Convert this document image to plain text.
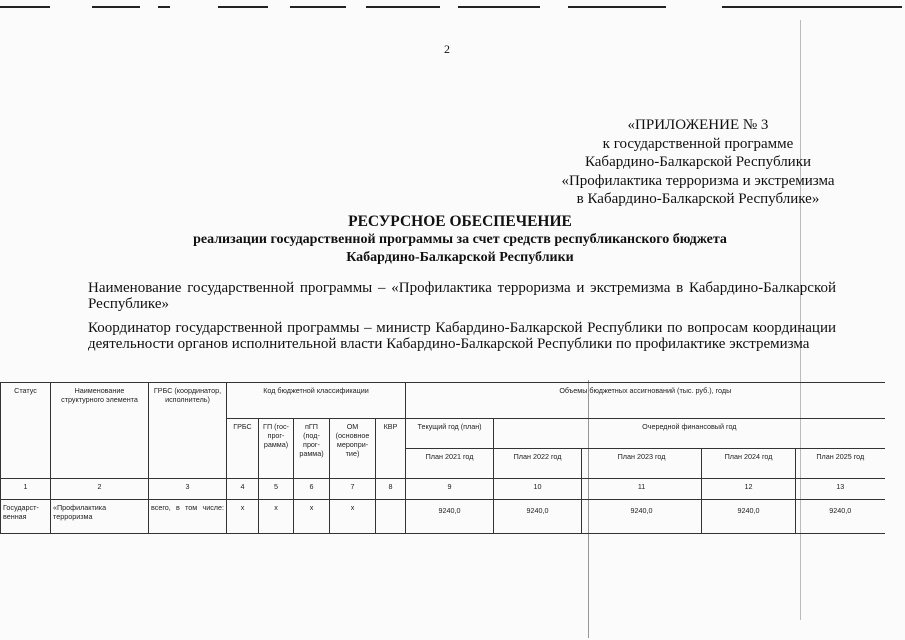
2
«ПРИЛОЖЕНИЕ № 3
к государственной программе
Кабардино-Балкарской Республики
«Профилактика терроризма и экстремизма
в Кабардино-Балкарской Республике»
РЕСУРСНОЕ ОБЕСПЕЧЕНИЕ
реализации государственной программы за счет средств республиканского бюджета
Кабардино-Балкарской Республики
Наименование государственной программы – «Профилактика терроризма и экстремизма в Кабардино-Балкарской Республике»
Координатор государственной программы – министр Кабардино-Балкарской Республики по вопросам координации деятельности органов исполнительной власти Кабардино-Балкарской Республики по профилактике экстремизма
Статус	Наименование структурного элемента	ГРБС (координатор, исполнитель)	Код бюджетной классификации					Объемы бюджетных ассигнований (тыс. руб.), годы				
			ГРБС	ГП (гос-прог-рамма)	пГП (под-прог-рамма)	ОМ (основное меропри-тие)	КВР	Текущий год (план)	Очередной финансовый год			
								План 2021 год	План 2022 год	План 2023 год	План 2024 год	План 2025 год
1	2	3	4	5	6	7	8	9	10	11	12	13
Государст-венная	«Профилактика терроризма	всего, в том числе:	х	х	х	х		9240,0	9240,0	9240,0	9240,0	9240,0
